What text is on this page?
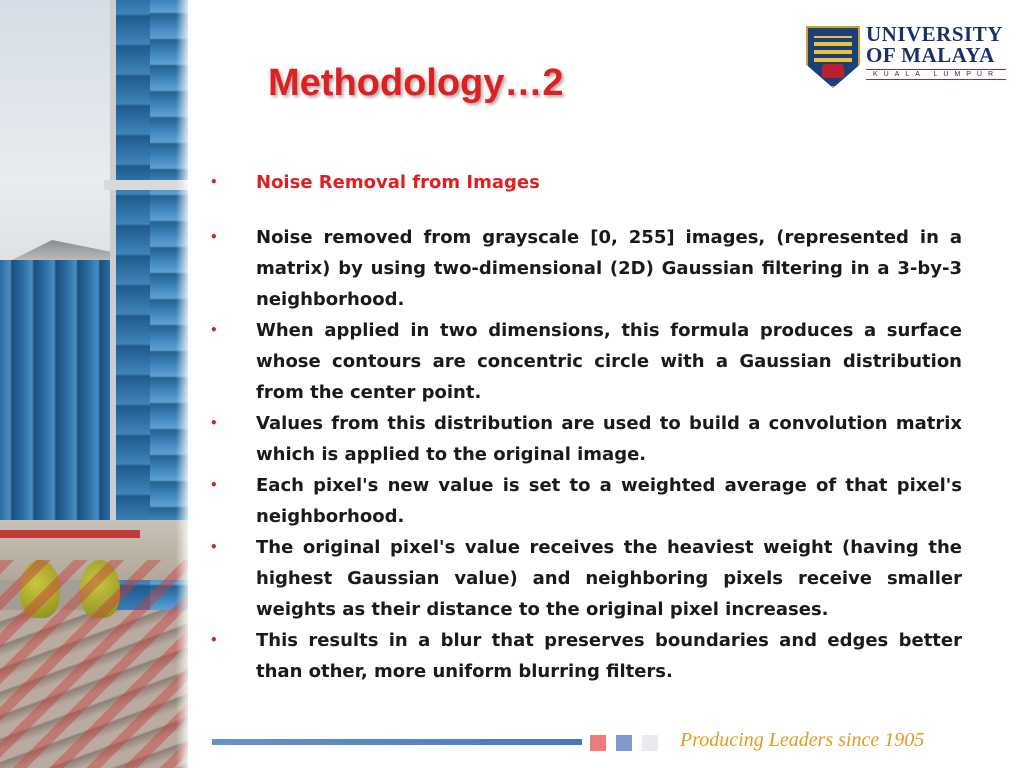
Methodology…2
UNIVERSITY
OF MALAYA
KUALA LUMPUR
• Noise Removal from Images
• Noise removed from grayscale [0, 255] images, (represented in a matrix) by using two-dimensional (2D) Gaussian filtering in a 3-by-3 neighborhood.
• When applied in two dimensions, this formula produces a surface whose contours are concentric circle with a Gaussian distribution from the center point.
• Values from this distribution are used to build a convolution matrix which is applied to the original image.
• Each pixel's new value is set to a weighted average of that pixel's neighborhood.
• The original pixel's value receives the heaviest weight (having the highest Gaussian value) and neighboring pixels receive smaller weights as their distance to the original pixel increases.
• This results in a blur that preserves boundaries and edges better than other, more uniform blurring filters.
Producing Leaders since 1905
